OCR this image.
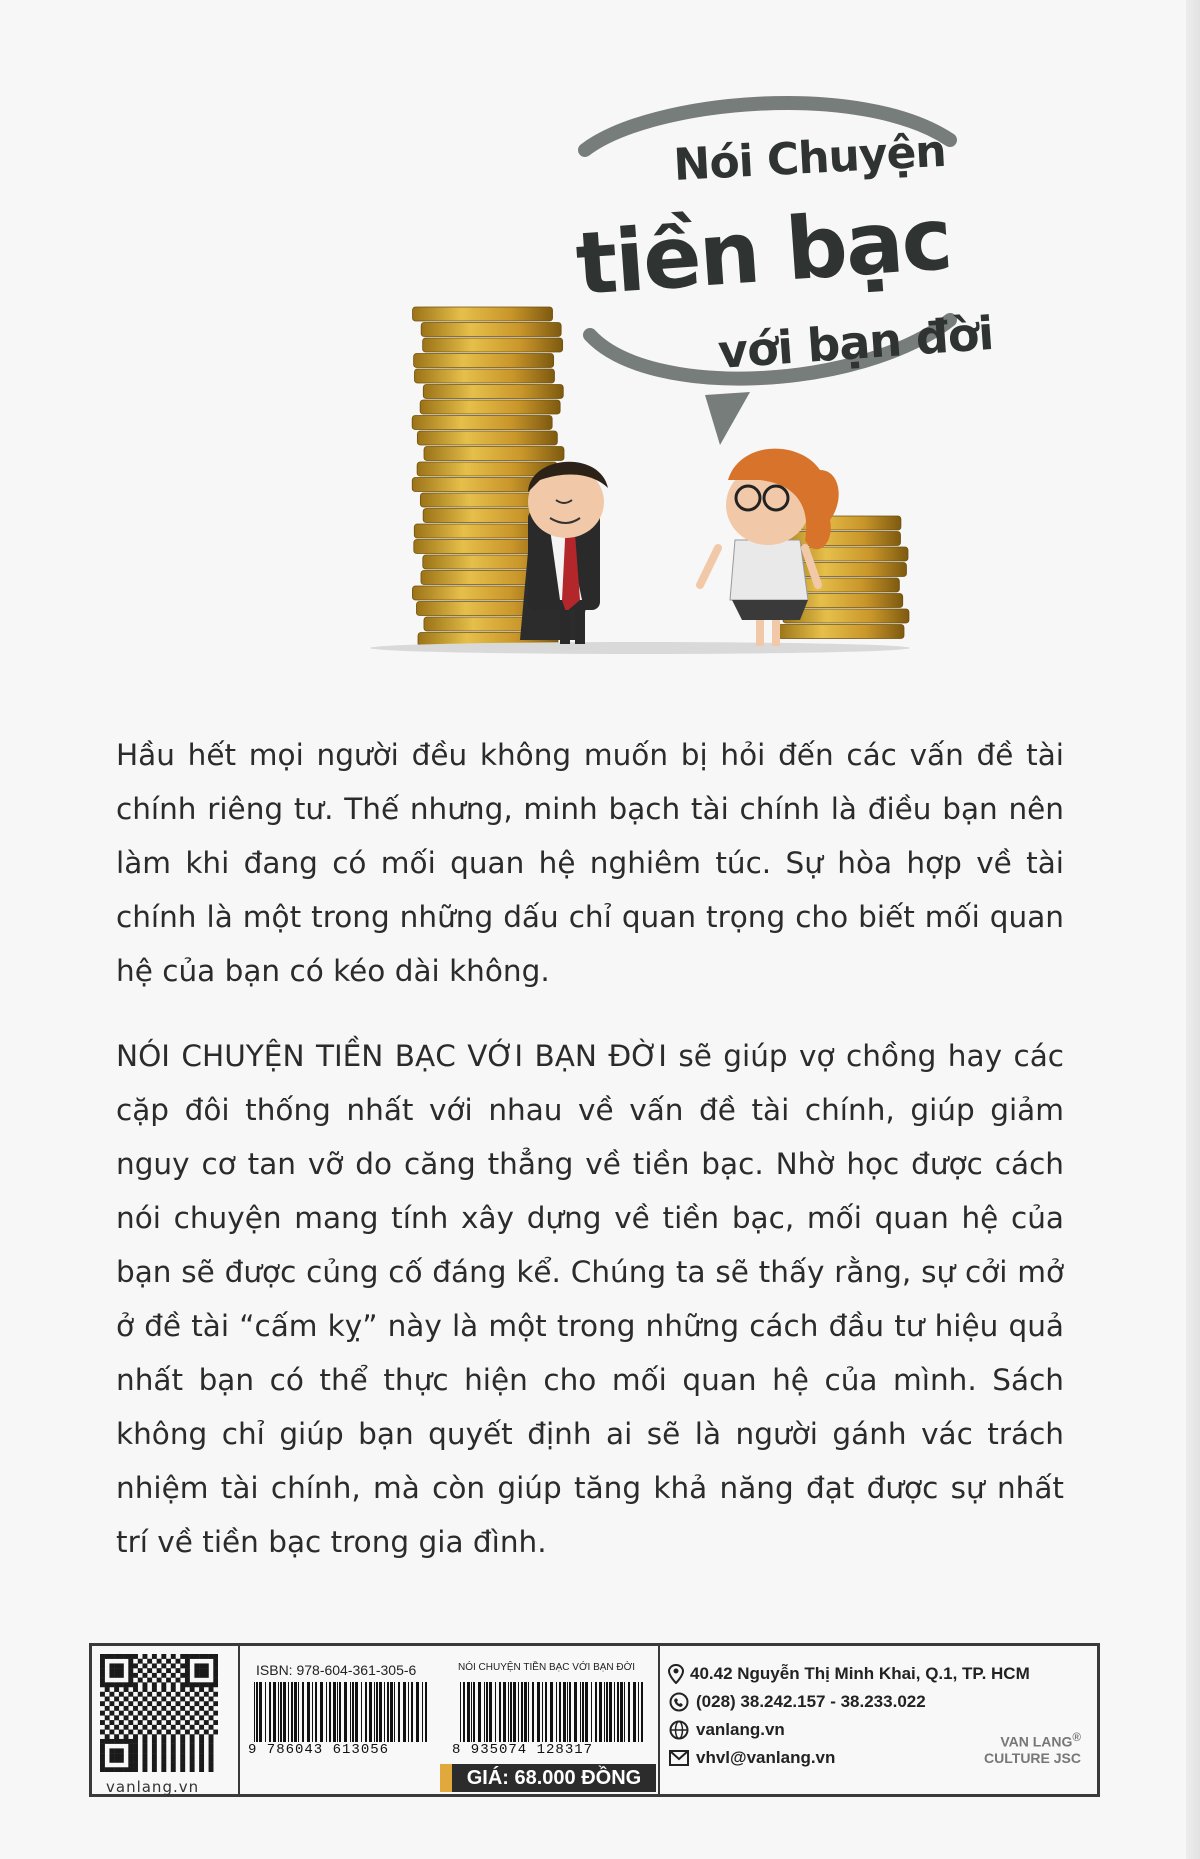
Nói Chuyện
tiền bạc
với bạn đời

Hầu hết mọi người đều không muốn bị hỏi đến các vấn đề tài chính riêng tư. Thế nhưng, minh bạch tài chính là điều bạn nên làm khi đang có mối quan hệ nghiêm túc. Sự hòa hợp về tài chính là một trong những dấu chỉ quan trọng cho biết mối quan hệ của bạn có kéo dài không.

NÓI CHUYỆN TIỀN BẠC VỚI BẠN ĐỜI sẽ giúp vợ chồng hay các cặp đôi thống nhất với nhau về vấn đề tài chính, giúp giảm nguy cơ tan vỡ do căng thẳng về tiền bạc. Nhờ học được cách nói chuyện mang tính xây dựng về tiền bạc, mối quan hệ của bạn sẽ được củng cố đáng kể. Chúng ta sẽ thấy rằng, sự cởi mở ở đề tài “cấm kỵ” này là một trong những cách đầu tư hiệu quả nhất bạn có thể thực hiện cho mối quan hệ của mình. Sách không chỉ giúp bạn quyết định ai sẽ là người gánh vác trách nhiệm tài chính, mà còn giúp tăng khả năng đạt được sự nhất trí về tiền bạc trong gia đình.

vanlang.vn
ISBN: 978-604-361-305-6
9 786043 613056
NÓI CHUYỆN TIỀN BẠC VỚI BẠN ĐỜI
8 935074 128317
GIÁ: 68.000 ĐỒNG
40.42 Nguyễn Thị Minh Khai, Q.1, TP. HCM
(028) 38.242.157 - 38.233.022
vanlang.vn
vhvl@vanlang.vn
VAN LANG®
CULTURE JSC
